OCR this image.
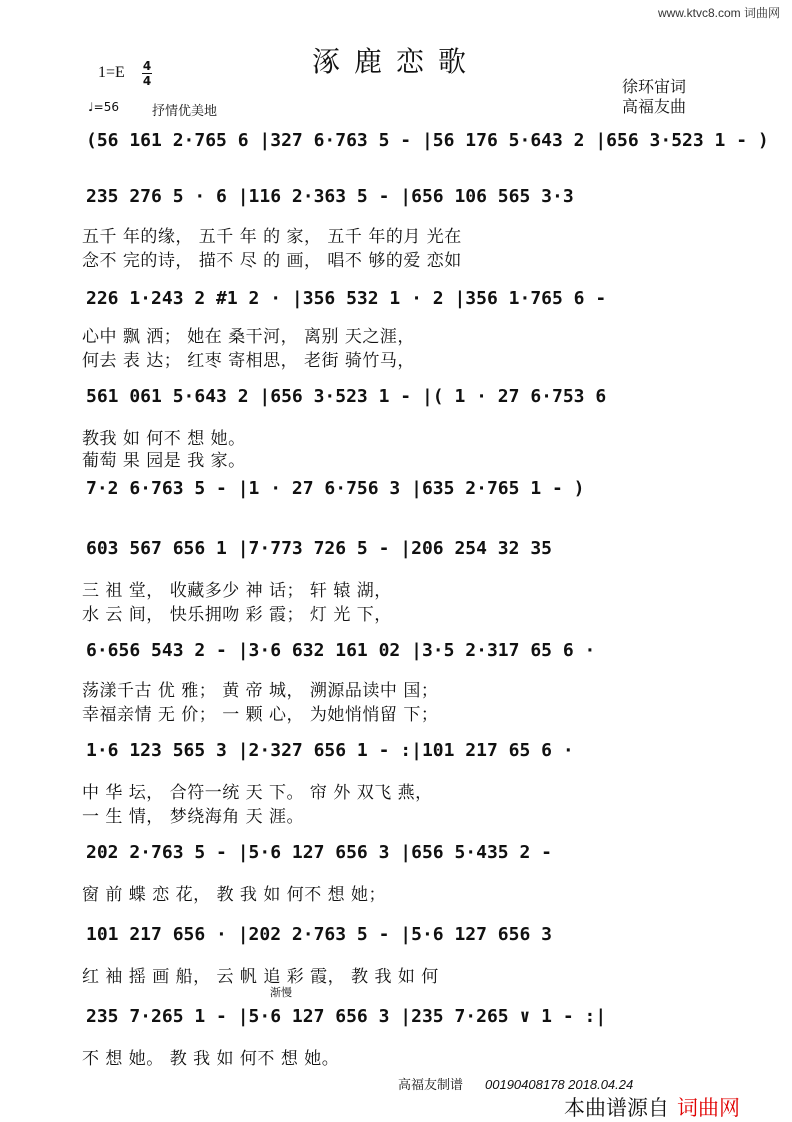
www.ktvc8.com 词曲网
涿鹿恋歌
1=E 4
4
♩=56	抒情优美地
徐环宙词
高福友曲
(56 161 2·765 6 |327 6·763 5 - |56 176 5·643 2 |656 3·523 1 - )
235 276 5 · 6 |116 2·363 5 - |656 106 565 3·3
五千 年的缘， 五千 年 的 家， 五千 年的月 光在
念不 完的诗， 描不 尽 的 画， 唱不 够的爱 恋如
226 1·243 2 #1 2 · |356 532 1 · 2 |356 1·765 6 -
心中 飘 洒； 她在 桑干河， 离别 天之涯，
何去 表 达； 红枣 寄相思， 老街 骑竹马，
561 061 5·643 2 |656 3·523 1 - |( 1 · 27 6·753 6
教我 如 何不 想 她。
葡萄 果 园是 我 家。
7·2 6·763 5 - |1 · 27 6·756 3 |635 2·765 1 - )
603 567 656 1 |7·773 726 5 - |206 254 32 35
三 祖 堂， 收藏多少 神 话； 轩 辕 湖，
水 云 间， 快乐拥吻 彩 霞； 灯 光 下，
6·656 543 2 - |3·6 632 161 02 |3·5 2·317 65 6 ·
荡漾千古 优 雅； 黄 帝 城， 溯源品读中 国；
幸福亲情 无 价； 一 颗 心， 为她悄悄留 下；
1·6 123 565 3 |2·327 656 1 - :|101 217 65 6 ·
中 华 坛， 合符一统 天 下。 帘 外 双飞 燕，
一 生 情， 梦绕海角 天 涯。
202 2·763 5 - |5·6 127 656 3 |656 5·435 2 -
窗 前 蝶 恋 花， 教 我 如 何不 想 她；
101 217 656 · |202 2·763 5 - |5·6 127 656 3
红 袖 摇 画 船， 云 帆 追 彩 霞， 教 我 如 何
渐慢
235 7·265 1 - |5·6 127 656 3 |235 7·265 ∨ 1 - :|
不 想 她。 教 我 如 何不 想 她。
高福友制谱 00190408178 2018.04.24
本曲谱源自 词曲网
